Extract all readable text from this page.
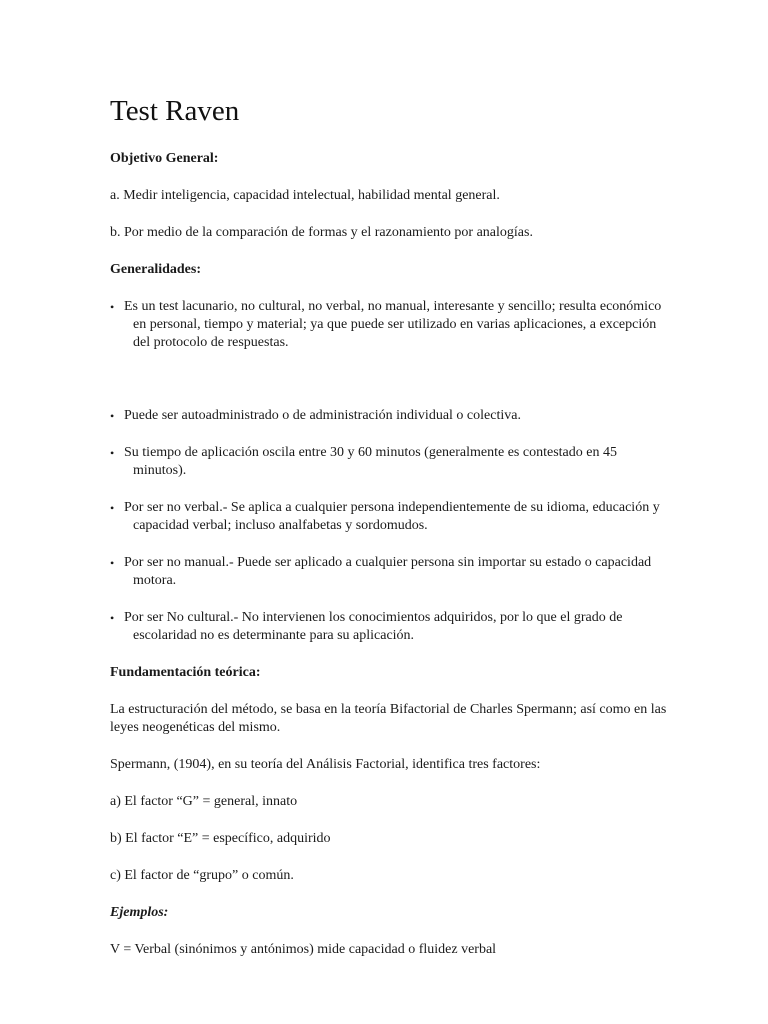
Test Raven
Objetivo General:

a. Medir inteligencia, capacidad intelectual, habilidad mental general.

b. Por medio de la comparación de formas y el razonamiento por analogías.

Generalidades:
• Es un test lacunario, no cultural, no verbal, no manual, interesante y sencillo; resulta económico en personal, tiempo y material; ya que puede ser utilizado en varias aplicaciones, a excepción del protocolo de respuestas.
• Puede ser autoadministrado o de administración individual o colectiva.
• Su tiempo de aplicación oscila entre 30 y 60 minutos (generalmente es contestado en 45 minutos).
• Por ser no verbal.- Se aplica a cualquier persona independientemente de su idioma, educación y capacidad verbal; incluso analfabetas y sordomudos.
• Por ser no manual.- Puede ser aplicado a cualquier persona sin importar su estado o capacidad motora.
• Por ser No cultural.- No intervienen los conocimientos adquiridos, por lo que el grado de escolaridad no es determinante para su aplicación.
Fundamentación teórica:

La estructuración del método, se basa en la teoría Bifactorial de Charles Spermann; así como en las leyes neogenéticas del mismo.

Spermann, (1904), en su teoría del Análisis Factorial, identifica tres factores:

a) El factor “G” = general, innato

b) El factor “E” = específico, adquirido

c) El factor de “grupo” o común.

Ejemplos:

V = Verbal (sinónimos y antónimos) mide capacidad o fluidez verbal
